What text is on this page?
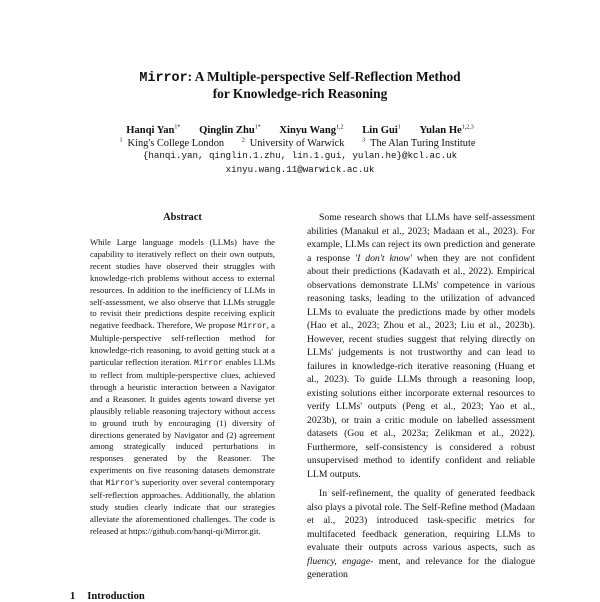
Mirror: A Multiple-perspective Self-Reflection Method
for Knowledge-rich Reasoning
Hanqi Yan$^{1*}$ Qinglin Zhu$^{1*}$ Xinyu Wang$^{1,2}$ Lin Gui$^1$ Yulan He$^{1,2,3}$
$^1$ King's College London	$^2$ University of Warwick	$^3$ The Alan Turing Institute
{hanqi.yan, qinglin.1.zhu, lin.1.gui, yulan.he}@kcl.ac.uk
xinyu.wang.11@warwick.ac.uk
Abstract
While Large language models (LLMs) have the capability to iteratively reflect on their own outputs, recent studies have observed their struggles with knowledge-rich problems without access to external resources. In addition to the inefficiency of LLMs in self-assessment, we also observe that LLMs struggle to revisit their predictions despite receiving explicit negative feedback. Therefore, We propose Mirror, a Multiple-perspective self-reflection method for knowledge-rich reasoning, to avoid getting stuck at a particular reflection iteration. Mirror enables LLMs to reflect from multiple-perspective clues, achieved through a heuristic interaction between a Navigator and a Reasoner. It guides agents toward diverse yet plausibly reliable reasoning trajectory without access to ground truth by encouraging (1) diversity of directions generated by Navigator and (2) agreement among strategically induced perturbations in responses generated by the Reasoner. The experiments on five reasoning datasets demonstrate that Mirror's superiority over several contemporary self-reflection approaches. Additionally, the ablation study studies clearly indicate that our strategies alleviate the aforementioned challenges. The code is released at https://github.com/hanqi-qi/Mirror.git.

Some research shows that LLMs have self-assessment abilities (Manakul et al., 2023; Madaan et al., 2023). For example, LLMs can reject its own prediction and generate a response 'I don't know' when they are not confident about their predictions (Kadavath et al., 2022). Empirical observations demonstrate LLMs' competence in various reasoning tasks, leading to the utilization of advanced LLMs to evaluate the predictions made by other models (Hao et al., 2023; Zhou et al., 2023; Liu et al., 2023b). However, recent studies suggest that relying directly on LLMs' judgements is not trustworthy and can lead to failures in knowledge-rich iterative reasoning (Huang et al., 2023). To guide LLMs through a reasoning loop, existing solutions either incorporate external resources to verify LLMs' outputs (Peng et al., 2023; Yao et al., 2023b), or train a critic module on labelled assessment datasets (Gou et al., 2023a; Zelikman et al., 2022). Furthermore, self-consistency is considered a robust unsupervised method to identify confident and reliable LLM outputs.

In self-refinement, the quality of generated feedback also plays a pivotal role. The Self-Refine method (Madaan et al., 2023) introduced task-specific metrics for multifaceted feedback generation, requiring LLMs to evaluate their outputs across various aspects, such as fluency, engage- ment, and relevance for the dialogue generation

1 Introduction
